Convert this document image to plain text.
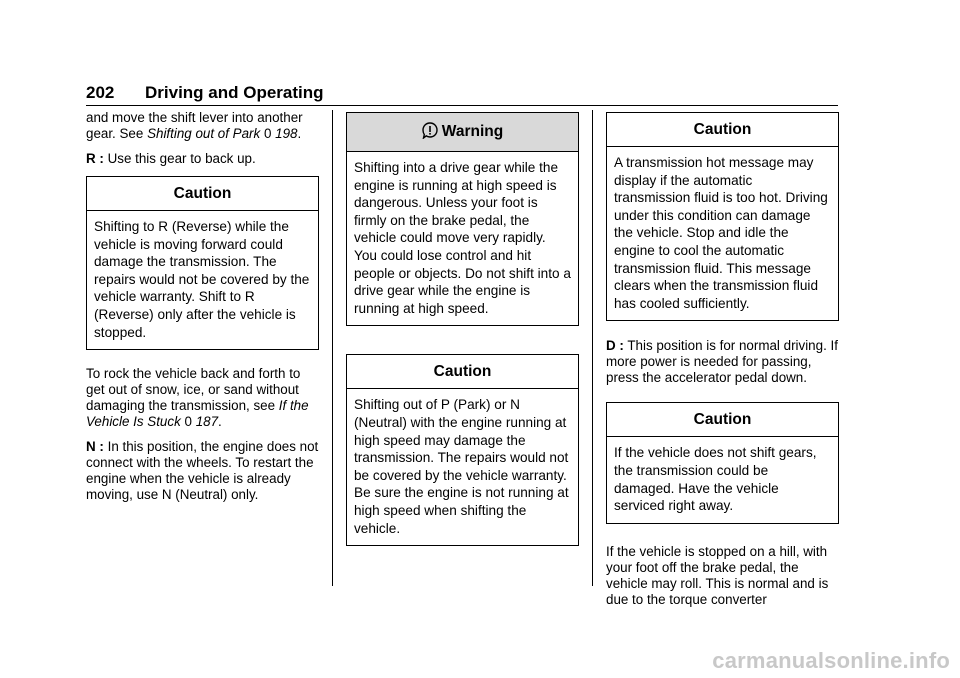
202 Driving and Operating

and move the shift lever into another gear. See Shifting out of Park 0 198.

R : Use this gear to back up.

Caution
Shifting to R (Reverse) while the vehicle is moving forward could damage the transmission. The repairs would not be covered by the vehicle warranty. Shift to R (Reverse) only after the vehicle is stopped.

To rock the vehicle back and forth to get out of snow, ice, or sand without damaging the transmission, see If the Vehicle Is Stuck 0 187.

N : In this position, the engine does not connect with the wheels. To restart the engine when the vehicle is already moving, use N (Neutral) only.

Warning
Shifting into a drive gear while the engine is running at high speed is dangerous. Unless your foot is firmly on the brake pedal, the vehicle could move very rapidly. You could lose control and hit people or objects. Do not shift into a drive gear while the engine is running at high speed.
Caution
Shifting out of P (Park) or N (Neutral) with the engine running at high speed may damage the transmission. The repairs would not be covered by the vehicle warranty. Be sure the engine is not running at high speed when shifting the vehicle.
Caution
A transmission hot message may display if the automatic transmission fluid is too hot. Driving under this condition can damage the vehicle. Stop and idle the engine to cool the automatic transmission fluid. This message clears when the transmission fluid has cooled sufficiently.

D : This position is for normal driving. If more power is needed for passing, press the accelerator pedal down.

Caution
If the vehicle does not shift gears, the transmission could be damaged. Have the vehicle serviced right away.

If the vehicle is stopped on a hill, with your foot off the brake pedal, the vehicle may roll. This is normal and is due to the torque converter

carmanualsonline.info
